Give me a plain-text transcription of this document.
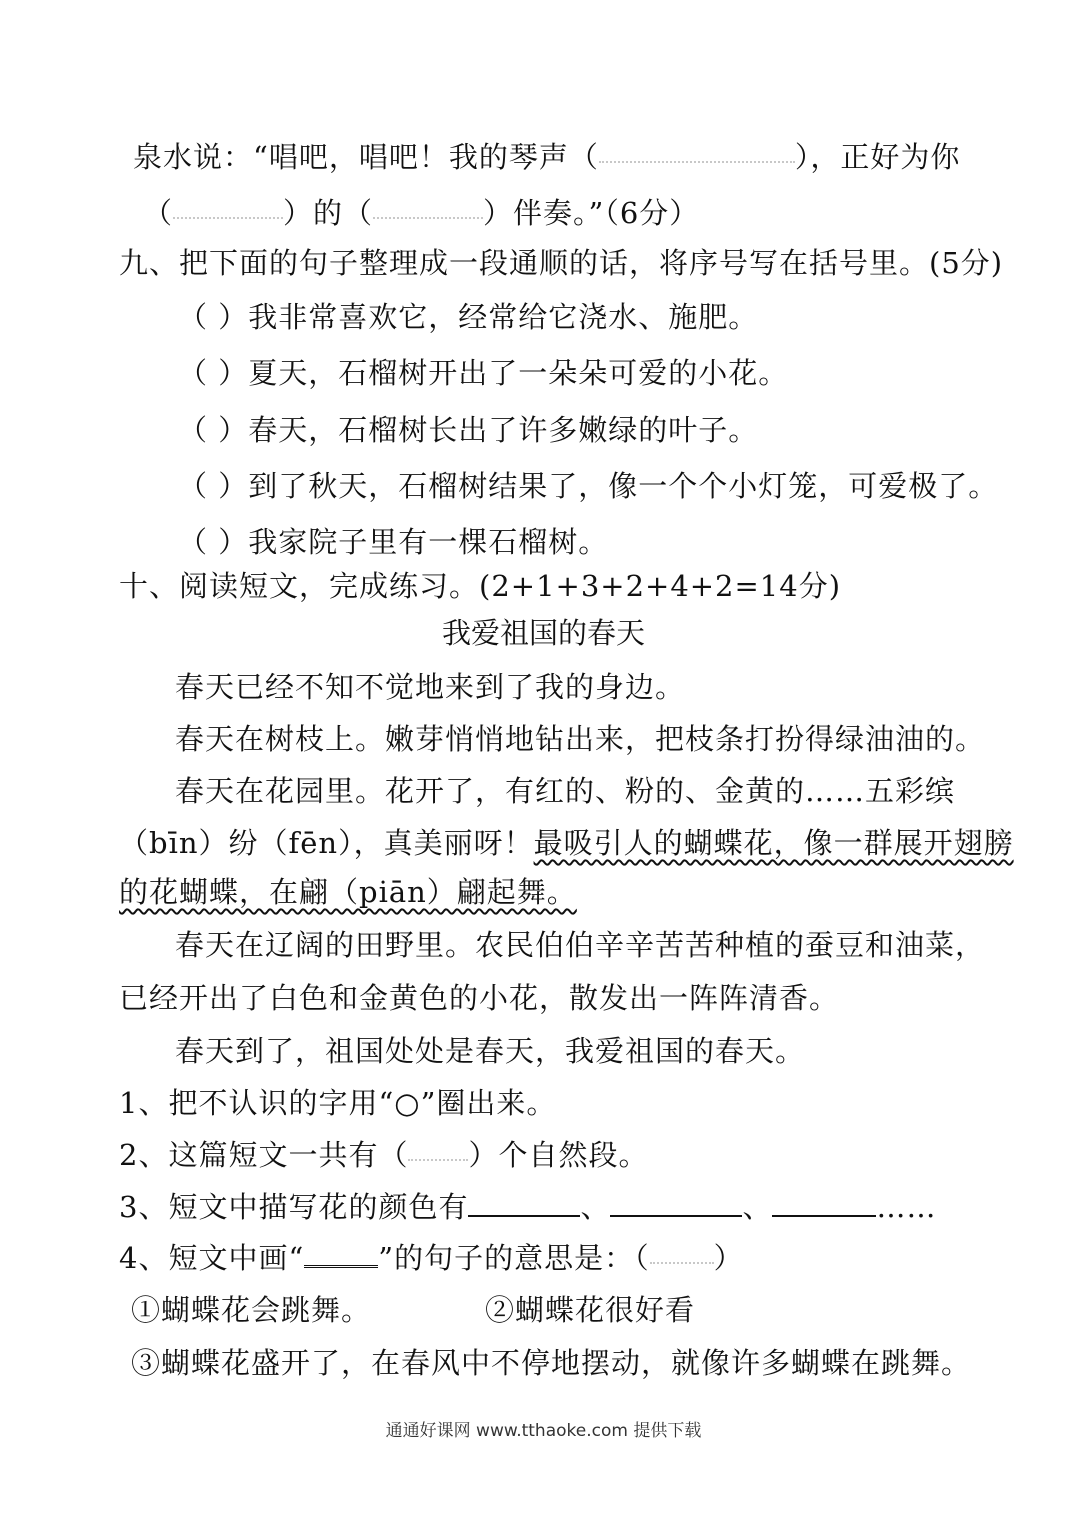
泉水说：“唱吧，唱吧！我的琴声（	），正好为你
（	）的（	）伴奏。”（6分）
九、把下面的句子整理成一段通顺的话，将序号写在括号里。(5分)
（ ）我非常喜欢它，经常给它浇水、施肥。
（ ）夏天，石榴树开出了一朵朵可爱的小花。
（ ）春天，石榴树长出了许多嫩绿的叶子。
（ ）到了秋天，石榴树结果了，像一个个小灯笼，可爱极了。
（ ）我家院子里有一棵石榴树。
十、阅读短文，完成练习。(2+1+3+2+4+2=14分)
我爱祖国的春天
春天已经不知不觉地来到了我的身边。
春天在树枝上。嫩芽悄悄地钻出来，把枝条打扮得绿油油的。
春天在花园里。花开了，有红的、粉的、金黄的……五彩缤
（bīn）纷（fēn），真美丽呀！最吸引人的蝴蝶花，像一群展开翅膀
的花蝴蝶，在翩（piān）翩起舞。
春天在辽阔的田野里。农民伯伯辛辛苦苦种植的蚕豆和油菜，
已经开出了白色和金黄色的小花，散发出一阵阵清香。
春天到了，祖国处处是春天，我爱祖国的春天。
1、把不认识的字用“○”圈出来。
2、这篇短文一共有（ ）个自然段。
3、短文中描写花的颜色有	、	、	……
4、短文中画“	”的句子的意思是：（ ）
①蝴蝶花会跳舞。	②蝴蝶花很好看
③蝴蝶花盛开了，在春风中不停地摆动，就像许多蝴蝶在跳舞。
通通好课网 www.tthaoke.com 提供下载
